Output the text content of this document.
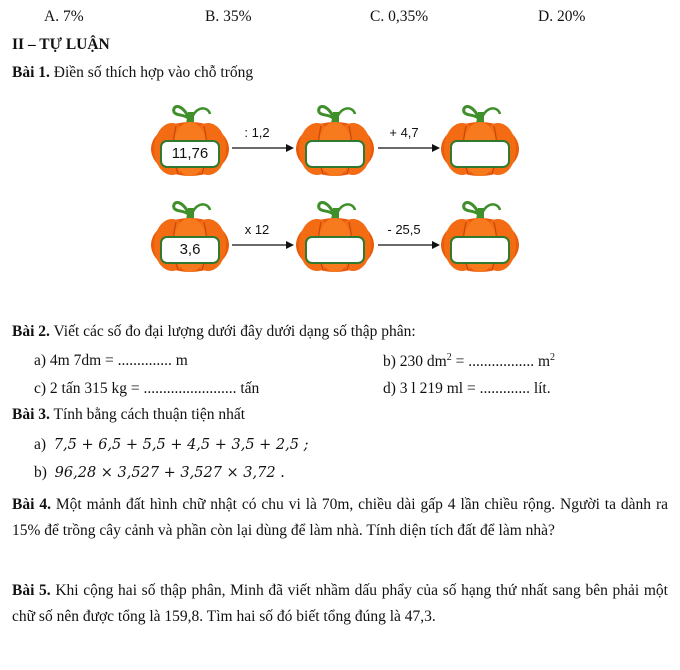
A. 7%	B. 35%	C. 0,35%	D. 20%
II – TỰ LUẬN
Bài 1. Điền số thích hợp vào chỗ trống
11,76
: 1,2	+ 4,7
3,6
x 12	- 25,5
Bài 2. Viết các số đo đại lượng dưới đây dưới dạng số thập phân:
a) 4m 7dm = .............. m	b) 230 $dm^2$ = ................. $m^2$
c) 2 tấn 315 kg = ........................ tấn	d) 3 l 219 ml = ............. lít.
Bài 3. Tính bằng cách thuận tiện nhất
a) 7,5 + 6,5 + 5,5 + 4,5 + 3,5 + 2,5 ;
b) 96,28 × 3,527 + 3,527 × 3,72 .
Bài 4. Một mảnh đất hình chữ nhật có chu vi là 70m, chiều dài gấp 4 lần chiều rộng. Người ta dành ra 15% để trồng cây cảnh và phần còn lại dùng để làm nhà. Tính diện tích đất để làm nhà?
Bài 5. Khi cộng hai số thập phân, Minh đã viết nhầm dấu phẩy của số hạng thứ nhất sang bên phải một chữ số nên được tổng là 159,8. Tìm hai số đó biết tổng đúng là 47,3.
